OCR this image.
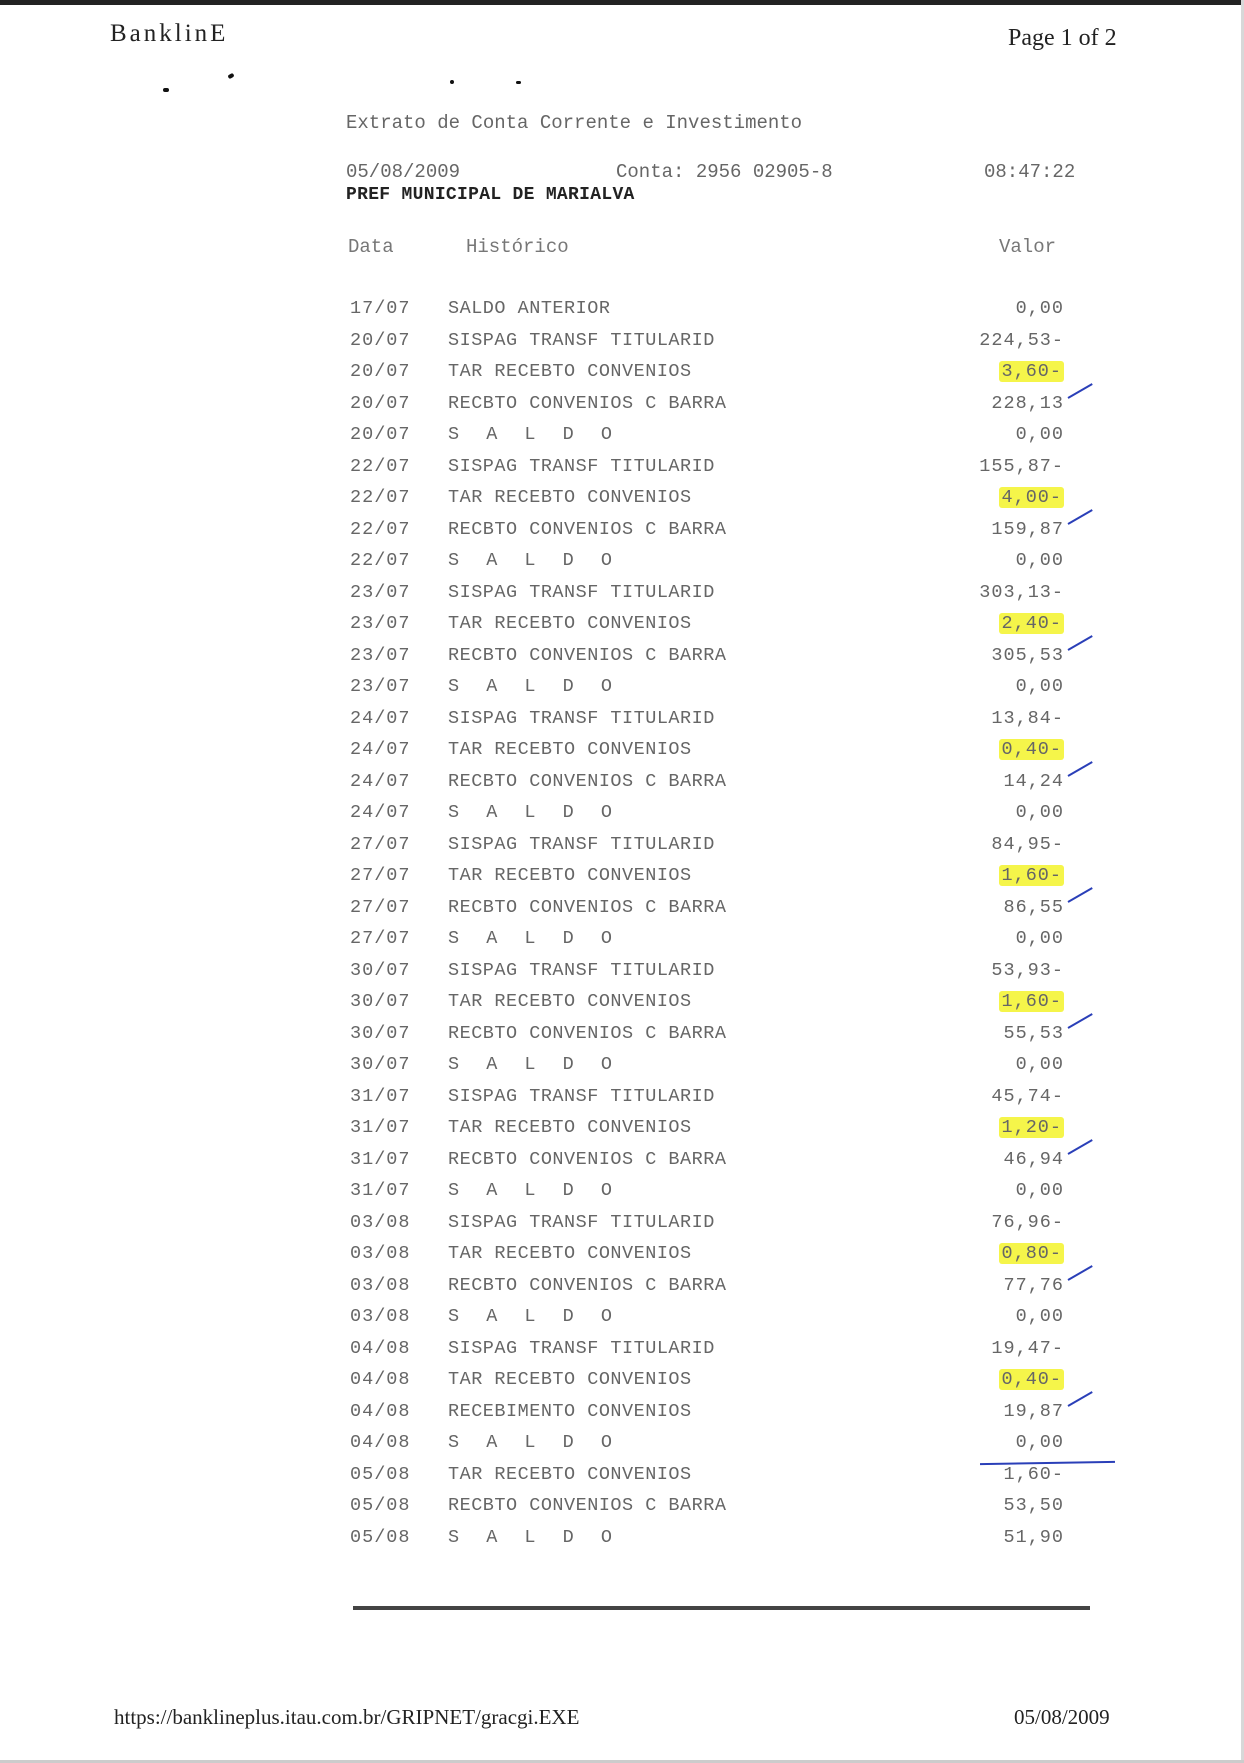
BanklinE	Page 1 of 2
Extrato de Conta Corrente e Investimento
05/08/2009	Conta: 2956 02905-8	08:47:22
PREF MUNICIPAL DE MARIALVA
Data	Histórico	Valor
17/07 SALDO ANTERIOR	0,00
20/07 SISPAG TRANSF TITULARID	224,53-
20/07 TAR RECEBTO CONVENIOS	3,60-
20/07 RECBTO CONVENIOS C BARRA	228,13
20/07 S A L D O	0,00
22/07 SISPAG TRANSF TITULARID	155,87-
22/07 TAR RECEBTO CONVENIOS	4,00-
22/07 RECBTO CONVENIOS C BARRA	159,87
22/07 S A L D O	0,00
23/07 SISPAG TRANSF TITULARID	303,13-
23/07 TAR RECEBTO CONVENIOS	2,40-
23/07 RECBTO CONVENIOS C BARRA	305,53
23/07 S A L D O	0,00
24/07 SISPAG TRANSF TITULARID	13,84-
24/07 TAR RECEBTO CONVENIOS	0,40-
24/07 RECBTO CONVENIOS C BARRA	14,24
24/07 S A L D O	0,00
27/07 SISPAG TRANSF TITULARID	84,95-
27/07 TAR RECEBTO CONVENIOS	1,60-
27/07 RECBTO CONVENIOS C BARRA	86,55
27/07 S A L D O	0,00
30/07 SISPAG TRANSF TITULARID	53,93-
30/07 TAR RECEBTO CONVENIOS	1,60-
30/07 RECBTO CONVENIOS C BARRA	55,53
30/07 S A L D O	0,00
31/07 SISPAG TRANSF TITULARID	45,74-
31/07 TAR RECEBTO CONVENIOS	1,20-
31/07 RECBTO CONVENIOS C BARRA	46,94
31/07 S A L D O	0,00
03/08 SISPAG TRANSF TITULARID	76,96-
03/08 TAR RECEBTO CONVENIOS	0,80-
03/08 RECBTO CONVENIOS C BARRA	77,76
03/08 S A L D O	0,00
04/08 SISPAG TRANSF TITULARID	19,47-
04/08 TAR RECEBTO CONVENIOS	0,40-
04/08 RECEBIMENTO CONVENIOS	19,87
04/08 S A L D O	0,00
05/08 TAR RECEBTO CONVENIOS	1,60-
05/08 RECBTO CONVENIOS C BARRA	53,50
05/08 S A L D O	51,90
https://banklineplus.itau.com.br/GRIPNET/gracgi.EXE	05/08/2009
